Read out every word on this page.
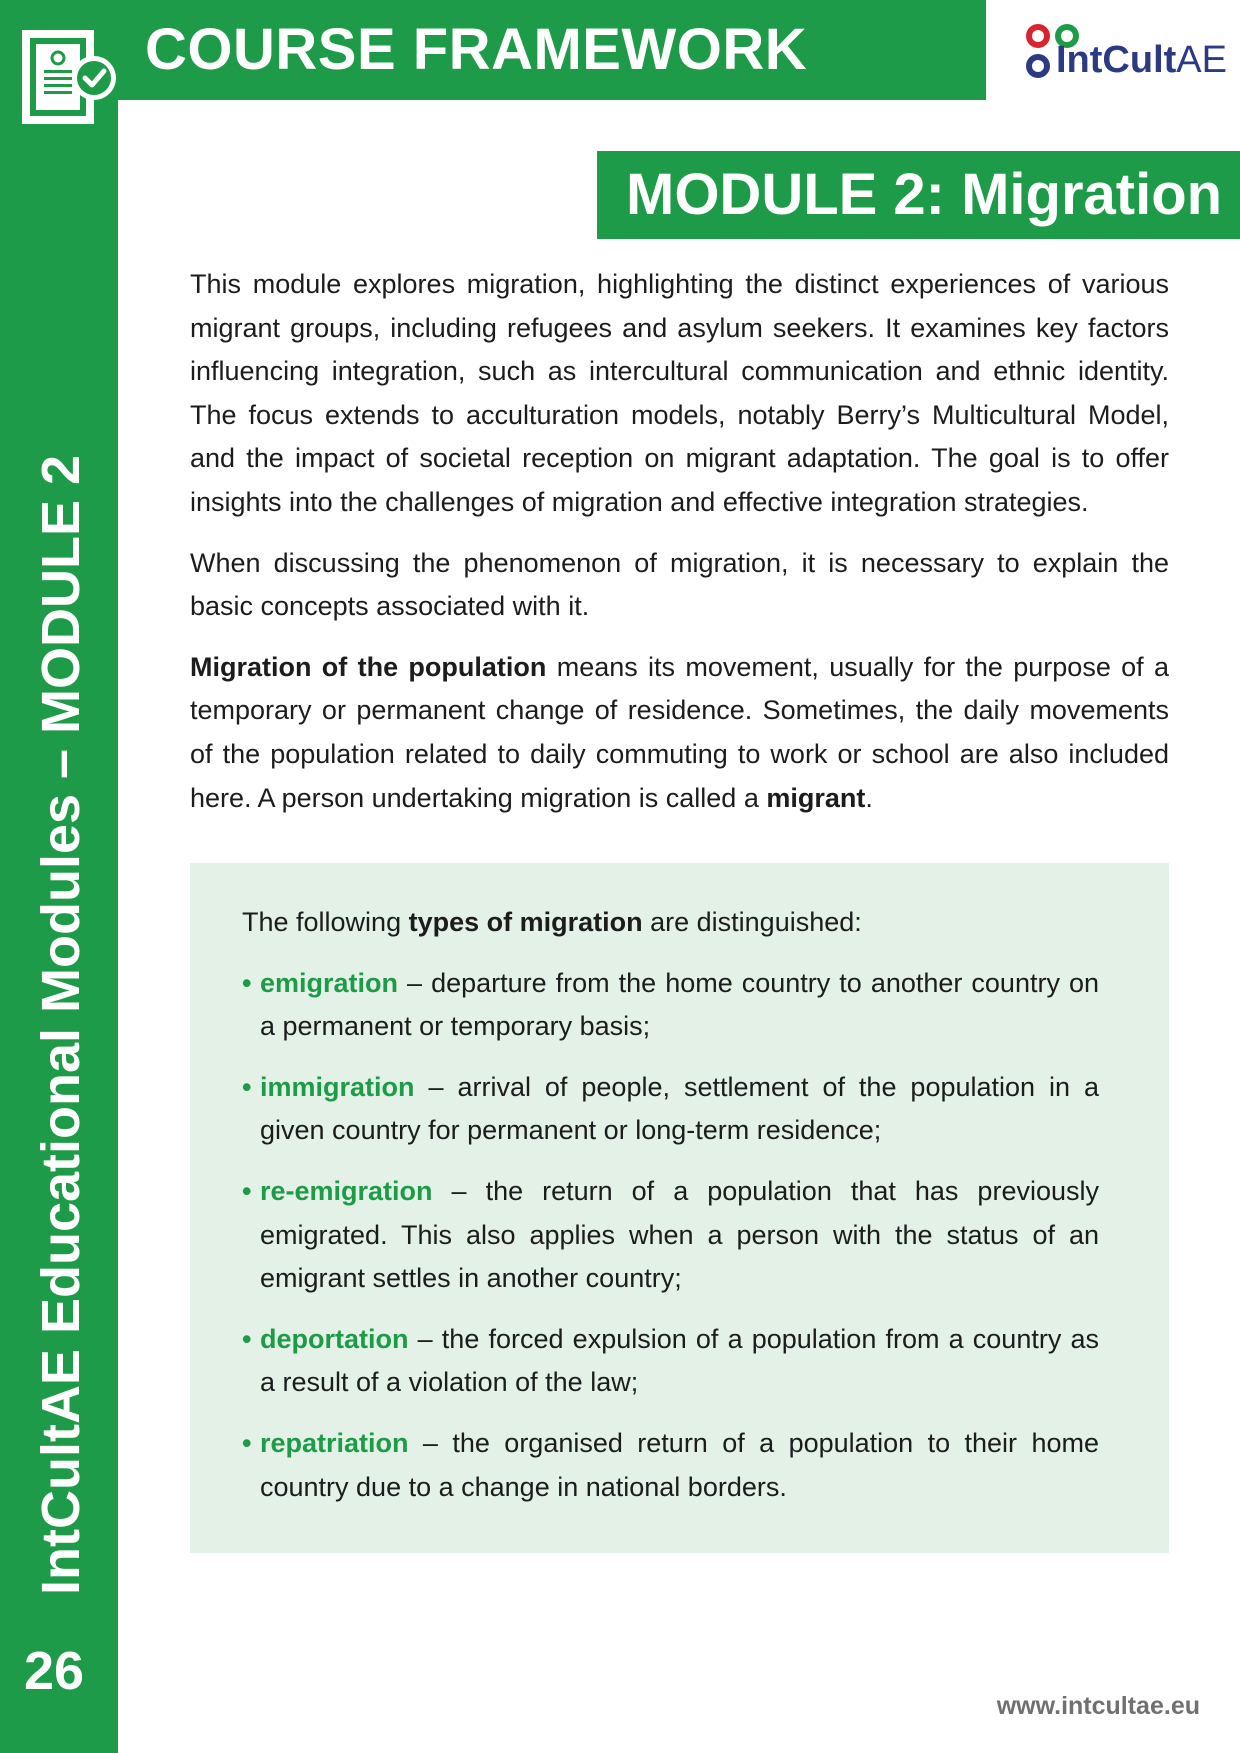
COURSE FRAMEWORK	IntCultAE
MODULE 2: Migration

This module explores migration, highlighting the distinct experiences of various migrant groups, including refugees and asylum seekers. It examines key factors influencing integration, such as intercultural communication and ethnic identity. The focus extends to acculturation models, notably Berry’s Multicultural Model, and the impact of societal reception on migrant adaptation. The goal is to offer insights into the challenges of migration and effective integration strategies.

When discussing the phenomenon of migration, it is necessary to explain the basic concepts associated with it.

Migration of the population means its movement, usually for the purpose of a temporary or permanent change of residence. Sometimes, the daily movements of the population related to daily commuting to work or school are also included here. A person undertaking migration is called a migrant.

The following types of migration are distinguished:

• emigration – departure from the home country to another country on a permanent or temporary basis;
• immigration – arrival of people, settlement of the population in a given country for permanent or long-term residence;
• re-emigration – the return of a population that has previously emigrated. This also applies when a person with the status of an emigrant settles in another country;
• deportation – the forced expulsion of a population from a country as a result of a violation of the law;
• repatriation – the organised return of a population to their home country due to a change in national borders.
IntCultAE Educational Modules – MODULE 2
26
www.intcultae.eu
